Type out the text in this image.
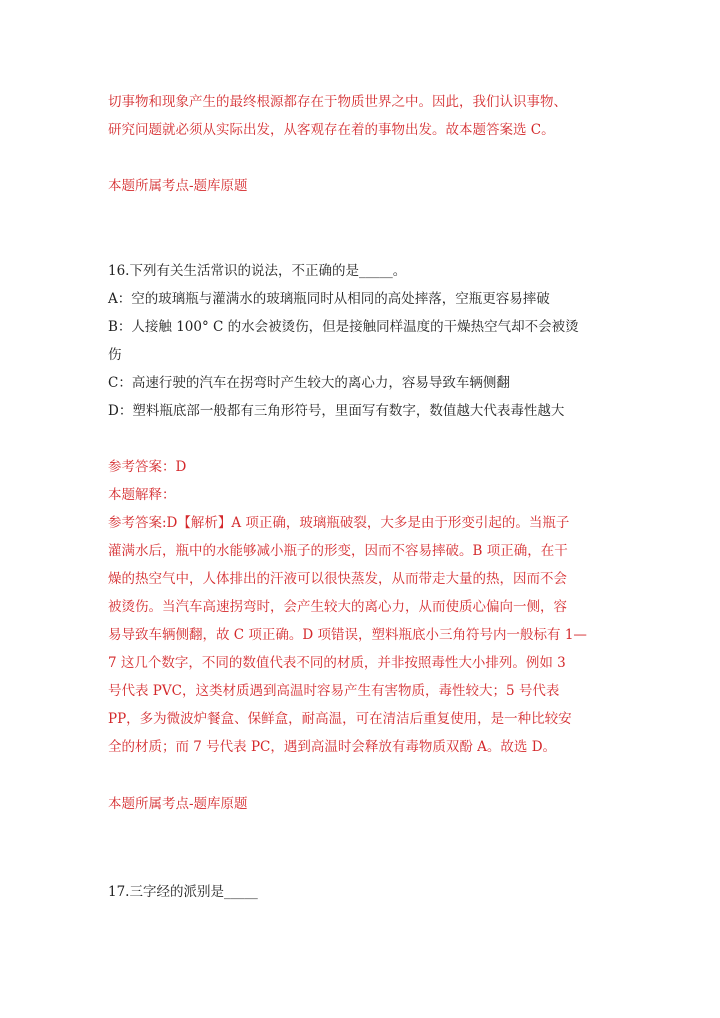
切事物和现象产生的最终根源都存在于物质世界之中。因此，我们认识事物、
研究问题就必须从实际出发，从客观存在着的事物出发。故本题答案选 C。
本题所属考点-题库原题
16.下列有关生活常识的说法，不正确的是_____。
A：空的玻璃瓶与灌满水的玻璃瓶同时从相同的高处摔落，空瓶更容易摔破
B：人接触 100° C 的水会被烫伤，但是接触同样温度的干燥热空气却不会被烫
伤
C：高速行驶的汽车在拐弯时产生较大的离心力，容易导致车辆侧翻
D：塑料瓶底部一般都有三角形符号，里面写有数字，数值越大代表毒性越大
参考答案：D
本题解释：
参考答案:D【解析】A 项正确，玻璃瓶破裂，大多是由于形变引起的。当瓶子
灌满水后，瓶中的水能够减小瓶子的形变，因而不容易摔破。B 项正确，在干
燥的热空气中，人体排出的汗液可以很快蒸发，从而带走大量的热，因而不会
被烫伤。当汽车高速拐弯时，会产生较大的离心力，从而使质心偏向一侧，容
易导致车辆侧翻，故 C 项正确。D 项错误，塑料瓶底小三角符号内一般标有 1—
7 这几个数字，不同的数值代表不同的材质，并非按照毒性大小排列。例如 3
号代表 PVC，这类材质遇到高温时容易产生有害物质，毒性较大；5 号代表
PP，多为微波炉餐盒、保鲜盒，耐高温，可在清洁后重复使用，是一种比较安
全的材质；而 7 号代表 PC，遇到高温时会释放有毒物质双酚 A。故选 D。
本题所属考点-题库原题
17.三字经的派别是_____
